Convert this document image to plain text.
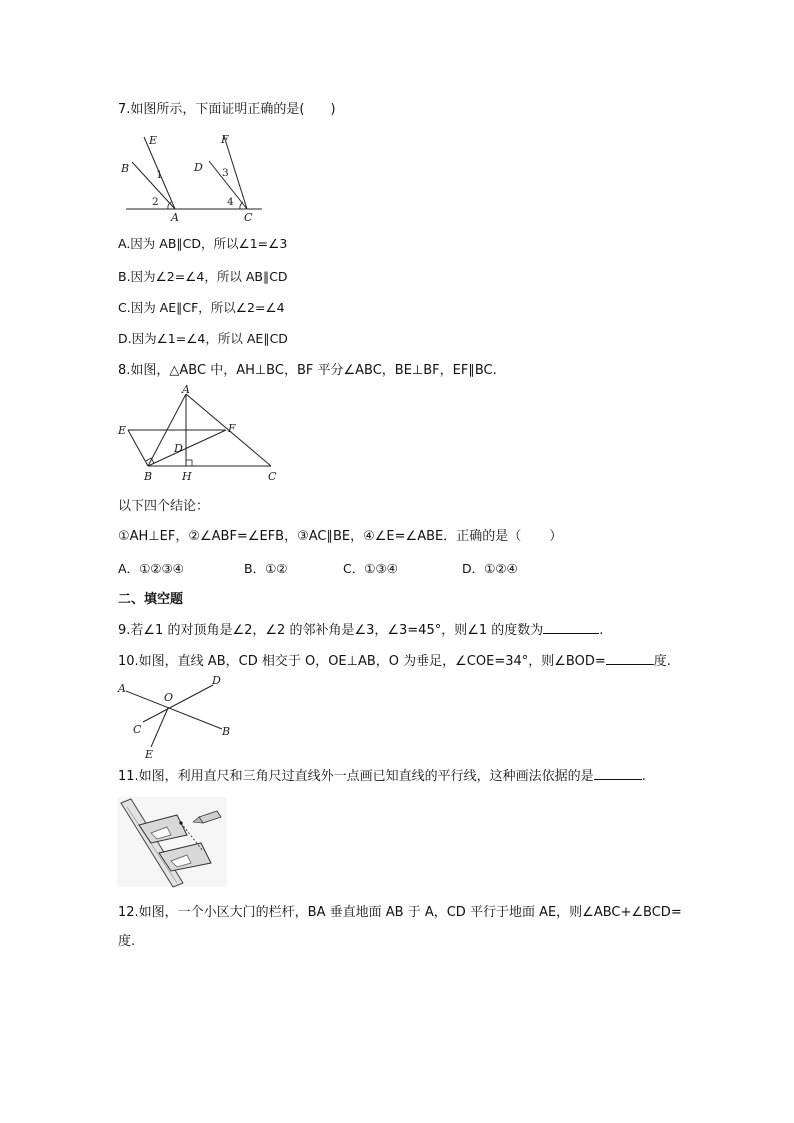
7.如图所示，下面证明正确的是( )
E
B	1
2
A
F
D 3
4
C
A.因为 AB∥CD，所以∠1=∠3
B.因为∠2=∠4，所以 AB∥CD
C.因为 AE∥CF，所以∠2=∠4
D.因为∠1=∠4，所以 AE∥CD
8.如图，△ABC 中，AH⊥BC，BF 平分∠ABC，BE⊥BF，EF∥BC.
A
E	F
D
B	H	C
以下四个结论：
①AH⊥EF，②∠ABF=∠EFB，③AC∥BE，④∠E=∠ABE．正确的是（ ）
A．①②③④	B．①②	C．①③④	D．①②④
二、填空题
9.若∠1 的对顶角是∠2，∠2 的邻补角是∠3，∠3=45°，则∠1 的度数为	.
10.如图，直线 AB，CD 相交于 O，OE⊥AB，O 为垂足，∠COE=34°，则∠BOD=	度.
A
O
D
C
E
B
11.如图，利用直尺和三角尺过直线外一点画已知直线的平行线，这种画法依据的是	.
12.如图，一个小区大门的栏杆，BA 垂直地面 AB 于 A，CD 平行于地面 AE，则∠ABC+∠BCD=
度.
